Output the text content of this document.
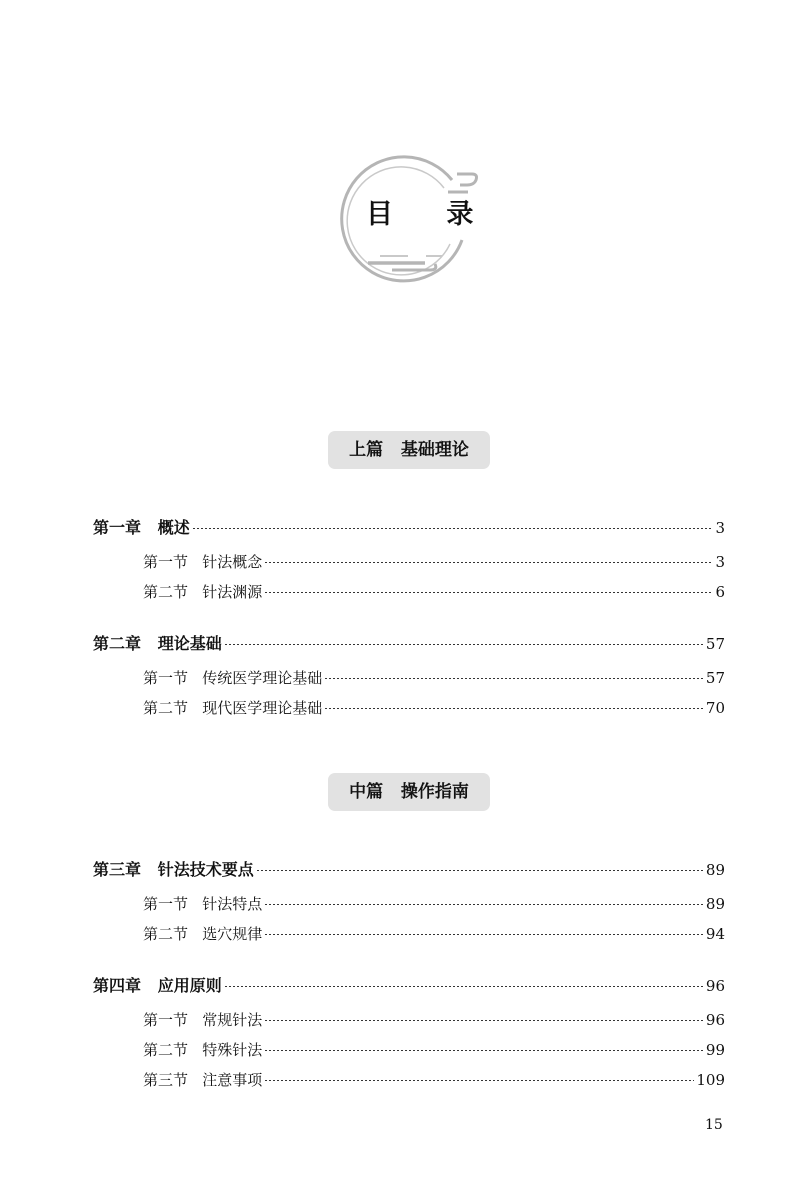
目 录
上篇   基础理论
第一章   概述	3
第一节   针法概念	3
第二节   针法渊源	6
第二章   理论基础	57
第一节   传统医学理论基础	57
第二节   现代医学理论基础	70
中篇   操作指南
第三章   针法技术要点	89
第一节   针法特点	89
第二节   选穴规律	94
第四章   应用原则	96
第一节   常规针法	96
第二节   特殊针法	99
第三节   注意事项	109
15
